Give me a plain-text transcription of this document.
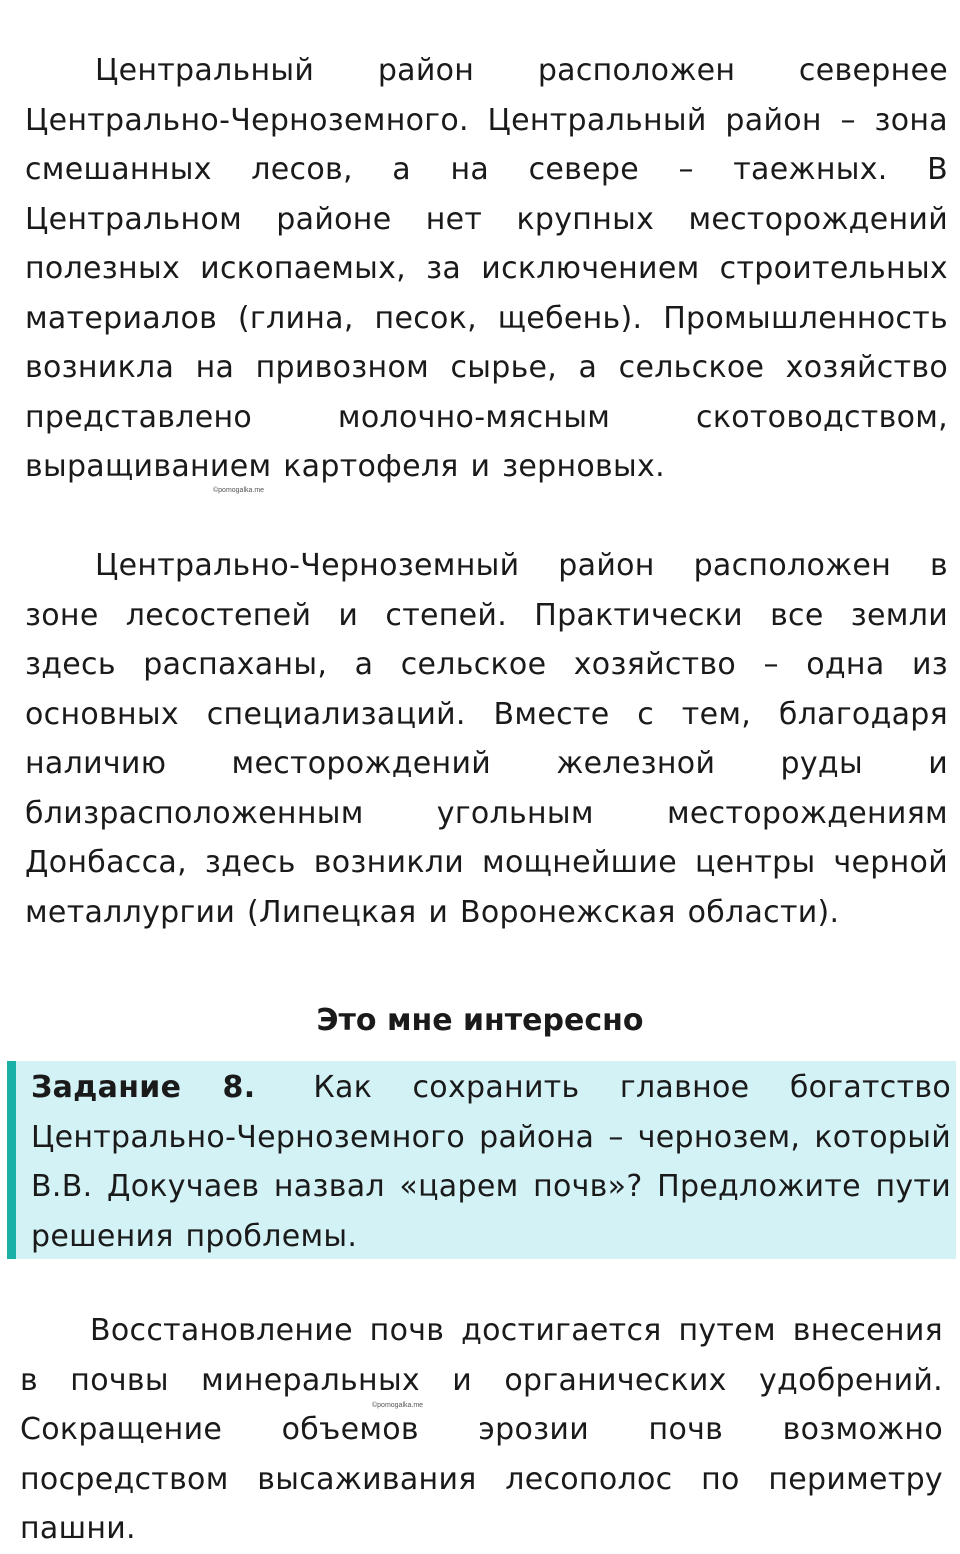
Центральный район расположен севернее Центрально-Черноземного. Центральный район – зона смешанных лесов, а на севере – таежных. В Центральном районе нет крупных месторождений полезных ископаемых, за исключением строительных материалов (глина, песок, щебень). Промышленность возникла на привозном сырье, а сельское хозяйство представлено молочно-мясным скотоводством, выращиванием картофеля и зерновых.

©pomogalka.me

Центрально-Черноземный район расположен в зоне лесостепей и степей. Практически все земли здесь распаханы, а сельское хозяйство – одна из основных специализаций. Вместе с тем, благодаря наличию месторождений железной руды и близрасположенным угольным месторождениям Донбасса, здесь возникли мощнейшие центры черной металлургии (Липецкая и Воронежская области).

Это мне интересно

Задание 8. Как сохранить главное богатство Центрально-Черноземного района – чернозем, который В.В. Докучаев назвал «царем почв»? Предложите пути решения проблемы.

Восстановление почв достигается путем внесения в почвы минеральных и органических удобрений. Сокращение объемов эрозии почв возможно посредством высаживания лесополос по периметру пашни.

©pomogalka.me
